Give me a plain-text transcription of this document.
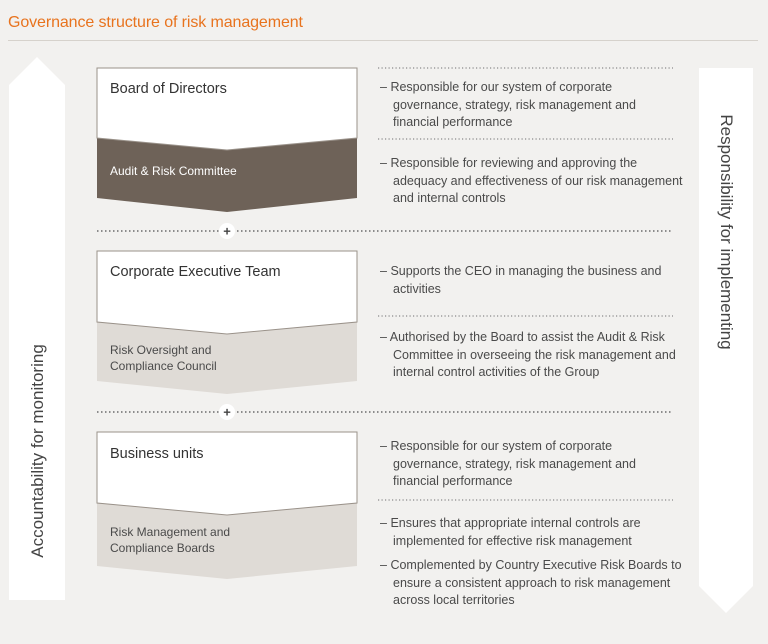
Governance structure of risk management
+
+
Board of Directors
Audit & Risk Committee
– Responsible for our system of corporate governance, strategy, risk management and financial performance
– Responsible for reviewing and approving the adequacy and effectiveness of our risk management and internal controls
Corporate Executive Team
Risk Oversight and Compliance Council
– Supports the CEO in managing the business and activities
– Authorised by the Board to assist the Audit & Risk Committee in overseeing the risk management and internal control activities of the Group
Business units
Risk Management and Compliance Boards
– Responsible for our system of corporate governance, strategy, risk management and financial performance
– Ensures that appropriate internal controls are implemented for effective risk management
– Complemented by Country Executive Risk Boards to ensure a consistent approach to risk management across local territories
Accountability for monitoring
Responsibility for implementing
